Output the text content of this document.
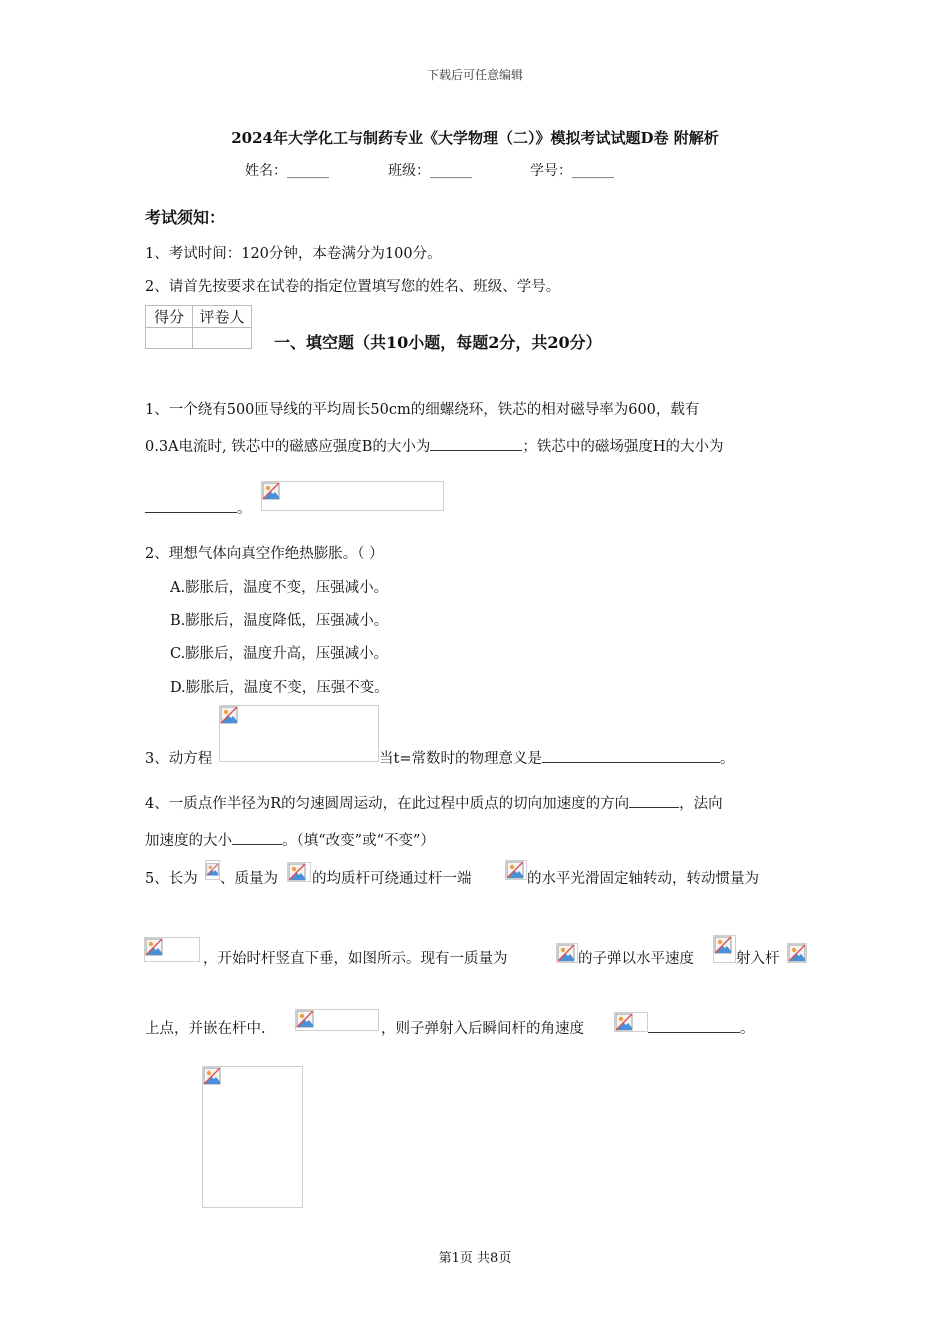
下载后可任意编辑
2024年大学化工与制药专业《大学物理（二）》模拟考试试题D卷 附解析
姓名：______	班级：______	学号：______
考试须知：
1、考试时间：120分钟，本卷满分为100分。
2、请首先按要求在试卷的指定位置填写您的姓名、班级、学号。
得分	评卷人

一、填空题（共10小题，每题2分，共20分）
1、一个绕有500匝导线的平均周长50cm的细螺绕环，铁芯的相对磁导率为600，载有
0.3A电流时, 铁芯中的磁感应强度B的大小为	；铁芯中的磁场强度H的大小为
。
2、理想气体向真空作绝热膨胀。（ ）
A.膨胀后，温度不变，压强减小。
B.膨胀后，温度降低，压强减小。
C.膨胀后，温度升高，压强减小。
D.膨胀后，温度不变，压强不变。
3、动方程	当t=常数时的物理意义是	。
4、一质点作半径为R的匀速圆周运动，在此过程中质点的切向加速度的方向	，法向
加速度的大小	。（填“改变”或“不变”）
5、长为 、质量为 的均质杆可绕通过杆一端	的水平光滑固定轴转动，转动惯量为
，开始时杆竖直下垂，如图所示。现有一质量为	的子弹以水平速度	射入杆
上点，并嵌在杆中.	，则子弹射入后瞬间杆的角速度	。
第1页 共8页
